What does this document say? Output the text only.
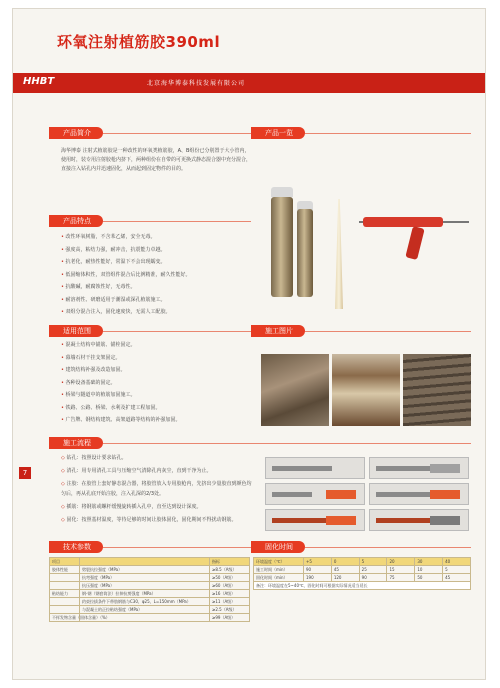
环氧注射植筋胶390ml
HHBT	北京海华博泰科技发展有限公司
产品简介
海华博泰 注射式植筋胶是一种改性的环氧类植筋胶，A、B组份已分别置于大小管内，使用时，装专用注射胶枪内挤下，两种组份在自带的可更换式静态混合器中充分混合，直接注入钻孔内并迅速固化，从而起到固定物件的目的。
产品一览
产品特点
• 改性环氧树脂，不含苯乙烯，安全无毒。
• 强度高，粘结力强，耐冲击，抗震能力卓越。
• 抗老化，耐热性能好，常温下不会出现蠕变。
• 低固缩体积性，双管组件混合后比例精准，耐久性能好。
• 抗酸碱，耐腐蚀性好，无毒性。
• 耐溶剂性、研磨适用于潮湿或深孔植筋施工。
• 双组分混合注入，固化速度快，无需人工配胶。
适用范围
• 混凝土结构中锚筋、锚栓固定。
• 幕墙石材干挂支架固定。
• 建筑结构补强及改造加固。
• 各种设备基础的固定。
• 桥梁与隧道中的植筋加固施工。
• 铁路、公路、桥梁、水利及扩建工程加固。
• 广告牌、钢结构建筑、高架道路等结构的补强加固。
施工图片
施工流程
7
◇ 钻孔：按照设计要求钻孔。
◇ 清孔：用专用清孔工具与压缩空气清除孔内灰尘，直到干净为止。
◇ 注胶：在胶管上套好静态混合器，将胶管放入专用胶枪内，先挤出少量胶直到颜色均匀后，再从孔底开始注胶，注入孔深的2/3处。
◇ 插筋：将钢筋或螺杆缓慢旋转插入孔中，直至达到设计深度。
◇ 固化：按照基材温度，等待足够的时间让胶体固化，固化期间不得扰动钢筋。
技术参数
项目		指标
胶体性能	劈裂抗拉强度（MPa）	≥8.5（A级）
	抗弯强度（MPa）	≥50（A级）
	抗压强度（MPa）	≥60（A级）
粘结能力	钢-钢（钢套筒法）拉伸抗剪强度（MPa）	≥16（A级）
	约束拉拔条件下带肋钢筋与C30、φ25、L=150mm（MPa）	≥11（A级）
	与混凝土的正拉粘结强度（MPa）	≥2.5（A级）
不挥发物含量（固体含量）（%）		≥99（A级）
固化时间
环境温度（℃）	+5	0	5	20	30	40
施工时间（min）	90	45	25	15	10	5
固化时间（min）	190	120	90	75	50	45
备注：环境温度在5~40℃，固化时间可根据实际情况适当延长						
